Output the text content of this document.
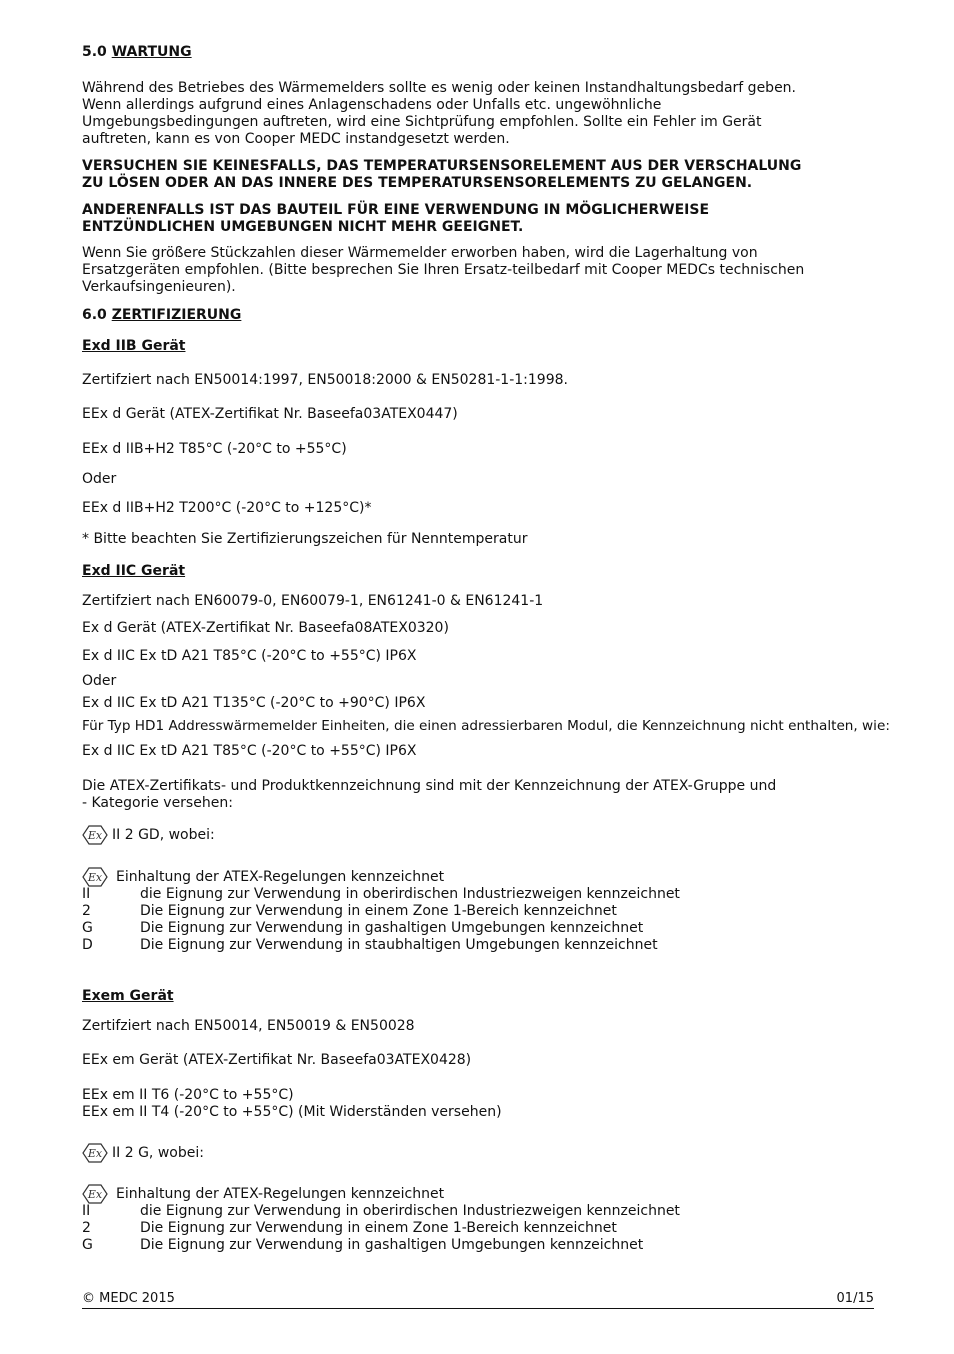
5.0 WARTUNG

Während des Betriebes des Wärmemelders sollte es wenig oder keinen Instandhaltungsbedarf geben. Wenn allerdings aufgrund eines Anlagenschadens oder Unfalls etc. ungewöhnliche Umgebungsbedingungen auftreten, wird eine Sichtprüfung empfohlen. Sollte ein Fehler im Gerät auftreten, kann es von Cooper MEDC instandgesetzt werden.

VERSUCHEN SIE KEINESFALLS, DAS TEMPERATURSENSORELEMENT AUS DER VERSCHALUNG ZU LÖSEN ODER AN DAS INNERE DES TEMPERATURSENSORELEMENTS ZU GELANGEN.

ANDERENFALLS IST DAS BAUTEIL FÜR EINE VERWENDUNG IN MÖGLICHERWEISE ENTZÜNDLICHEN UMGEBUNGEN NICHT MEHR GEEIGNET.

Wenn Sie größere Stückzahlen dieser Wärmemelder erworben haben, wird die Lagerhaltung von Ersatzgeräten empfohlen. (Bitte besprechen Sie Ihren Ersatz-teilbedarf mit Cooper MEDCs technischen Verkaufsingenieuren).

6.0 ZERTIFIZIERUNG
Exd IIB Gerät

Zertifziert nach EN50014:1997, EN50018:2000 & EN50281-1-1:1998.

EEx d Gerät (ATEX-Zertifikat Nr. Baseefa03ATEX0447)

EEx d IIB+H2 T85°C (-20°C to +55°C)

Oder

EEx d IIB+H2 T200°C (-20°C to +125°C)*

* Bitte beachten Sie Zertifizierungszeichen für Nenntemperatur

Exd IIC Gerät

Zertifziert nach EN60079-0, EN60079-1, EN61241-0 & EN61241-1

Ex d Gerät (ATEX-Zertifikat Nr. Baseefa08ATEX0320)

Ex d IIC Ex tD A21 T85°C (-20°C to +55°C) IP6X

Oder

Ex d IIC Ex tD A21 T135°C (-20°C to +90°C) IP6X

Für Typ HD1 Addresswärmemelder Einheiten, die einen adressierbaren Modul, die Kennzeichnung nicht enthalten, wie:

Ex d IIC Ex tD A21 T85°C (-20°C to +55°C) IP6X

Die ATEX-Zertifikats- und Produktkennzeichnung sind mit der Kennzeichnung der ATEX-Gruppe und - Kategorie versehen:

Ex II 2 GD, wobei:
Ex Einhaltung der ATEX-Regelungen kennzeichnet
II	die Eignung zur Verwendung in oberirdischen Industriezweigen kennzeichnet
2	Die Eignung zur Verwendung in einem Zone 1-Bereich kennzeichnet
G	Die Eignung zur Verwendung in gashaltigen Umgebungen kennzeichnet
D	Die Eignung zur Verwendung in staubhaltigen Umgebungen kennzeichnet
Exem Gerät

Zertifziert nach EN50014, EN50019 & EN50028

EEx em Gerät (ATEX-Zertifikat Nr. Baseefa03ATEX0428)

EEx em II T6 (-20°C to +55°C)

EEx em II T4 (-20°C to +55°C) (Mit Widerständen versehen)

Ex II 2 G, wobei:
Ex Einhaltung der ATEX-Regelungen kennzeichnet
II	die Eignung zur Verwendung in oberirdischen Industriezweigen kennzeichnet
2	Die Eignung zur Verwendung in einem Zone 1-Bereich kennzeichnet
G	Die Eignung zur Verwendung in gashaltigen Umgebungen kennzeichnet
© MEDC 2015	01/15
